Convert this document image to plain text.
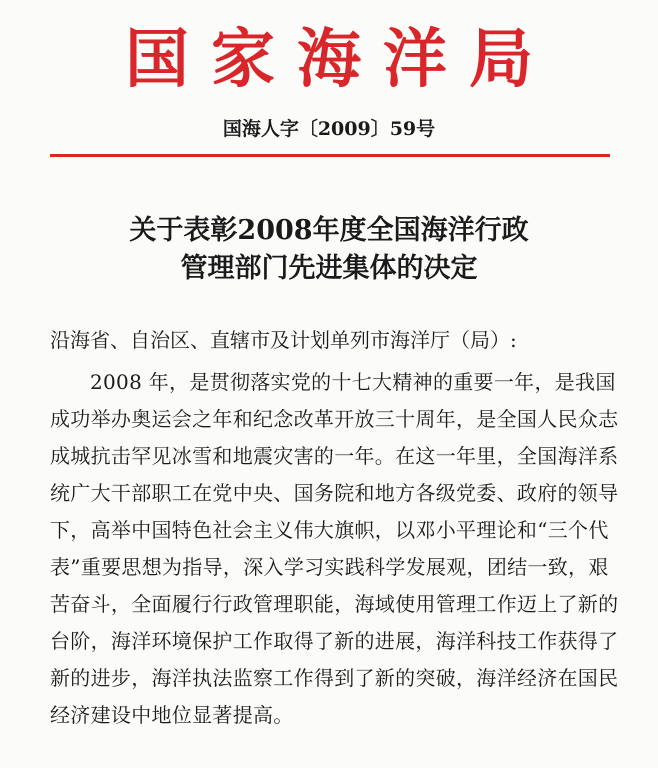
国家海洋局
国海人字〔2009〕59号
关于表彰2008年度全国海洋行政
管理部门先进集体的决定
沿海省、自治区、直辖市及计划单列市海洋厅（局）:
2008 年，是贯彻落实党的十七大精神的重要一年，是我国
成功举办奥运会之年和纪念改革开放三十周年，是全国人民众志
成城抗击罕见冰雪和地震灾害的一年。在这一年里，全国海洋系
统广大干部职工在党中央、国务院和地方各级党委、政府的领导
下，高举中国特色社会主义伟大旗帜，以邓小平理论和“三个代
表”重要思想为指导，深入学习实践科学发展观，团结一致，艰
苦奋斗，全面履行行政管理职能，海域使用管理工作迈上了新的
台阶，海洋环境保护工作取得了新的进展，海洋科技工作获得了
新的进步，海洋执法监察工作得到了新的突破，海洋经济在国民
经济建设中地位显著提高。
